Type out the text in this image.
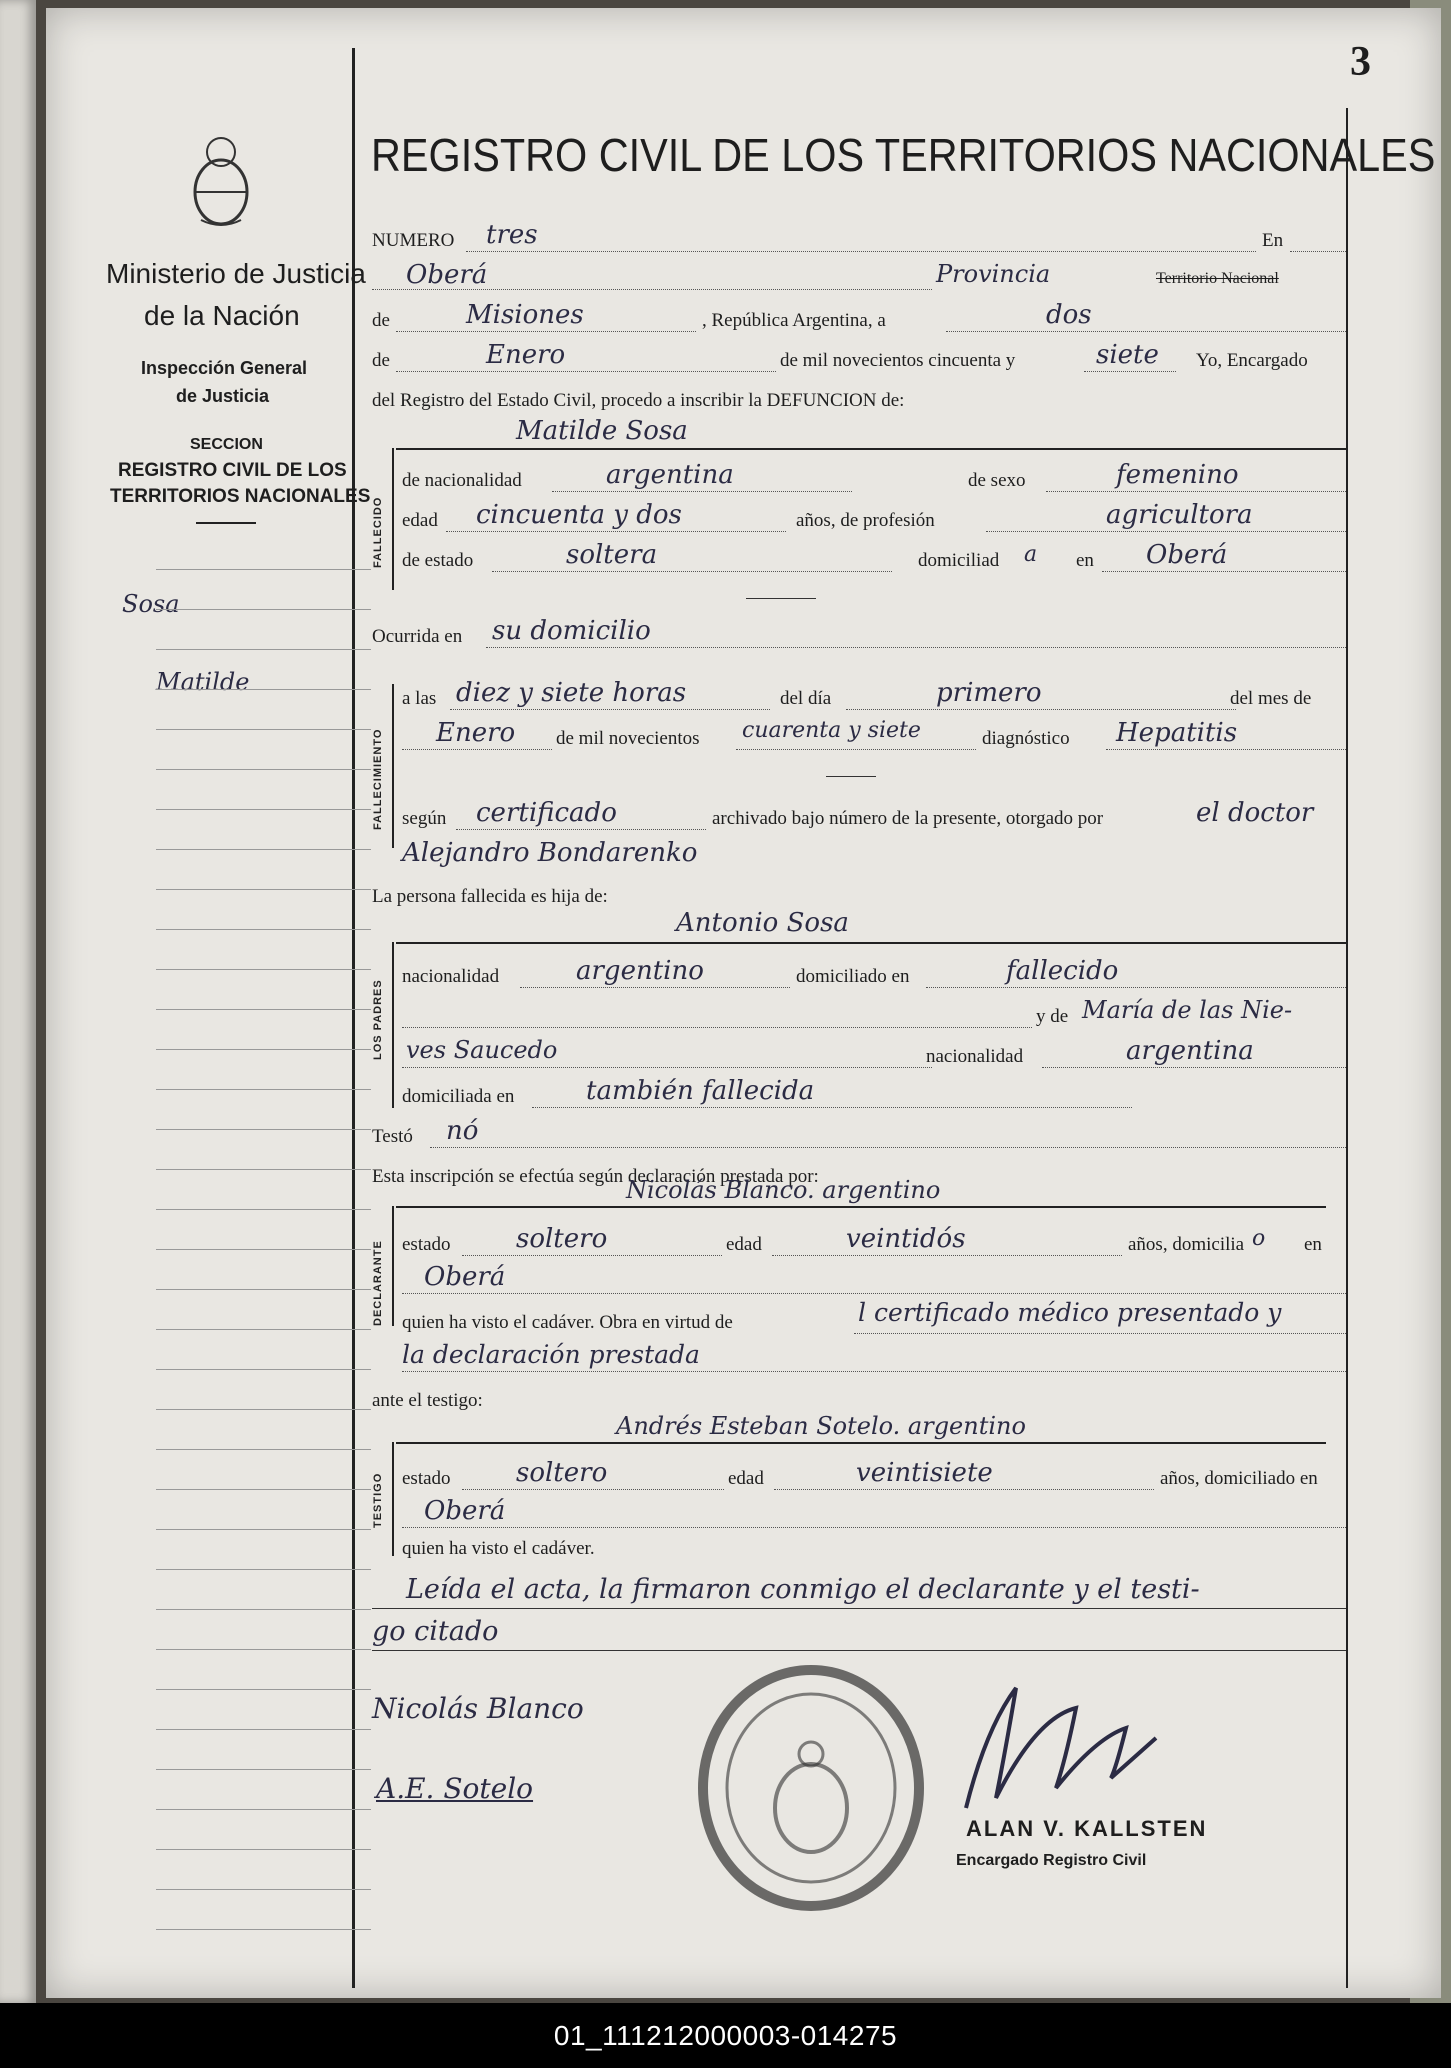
3
Ministerio de Justicia
de la Nación
Inspección General
de Justicia
SECCION
REGISTRO CIVIL DE LOS
TERRITORIOS NACIONALES
Sosa
Matilde
REGISTRO CIVIL DE LOS TERRITORIOS NACIONALES
NUMERO tres	En
Oberá	Provincia	Territorio Nacional
de	Misiones	, República Argentina, a	dos
de	Enero	de mil novecientos cincuenta y	siete Yo, Encargado
del Registro del Estado Civil, procedo a inscribir la DEFUNCION de:
Matilde Sosa
FALLECIDO
de nacionalidad	argentina	de sexo	femenino
edad cincuenta y dos	años, de profesión	agricultora
de estado	soltera	domiciliad a en Oberá
Ocurrida en su domicilio
FALLECIMIENTO
a las diez y siete horas	del día	primero	del mes de
Enero de mil novecientos cuarenta y siete	diagnóstico Hepatitis
según certificado	archivado bajo número de la presente, otorgado por	el doctor
Alejandro Bondarenko
La persona fallecida es hija de:
Antonio Sosa
LOS PADRES
nacionalidad	argentino	domiciliado en	fallecido
y de María de las Nie-
ves Saucedo	nacionalidad	argentina
domiciliada en	también fallecida
Testó nó
Esta inscripción se efectúa según declaración prestada por:
Nicolás Blanco. argentino
DECLARANTE estado	soltero	edad	veintidós	años, domicilia o en
Oberá
quien ha visto el cadáver. Obra en virtud de	l certificado médico presentado y
la declaración prestada
ante el testigo:
Andrés Esteban Sotelo. argentino
TESTIGO estado	soltero	edad	veintisiete	años, domiciliado en
Oberá
quien ha visto el cadáver.
Leída el acta, la firmaron conmigo el declarante y el testi-
go citado
Nicolás Blanco
A.E. Sotelo
ALAN V. KALLSTEN
Encargado Registro Civil
01_111212000003-014275
